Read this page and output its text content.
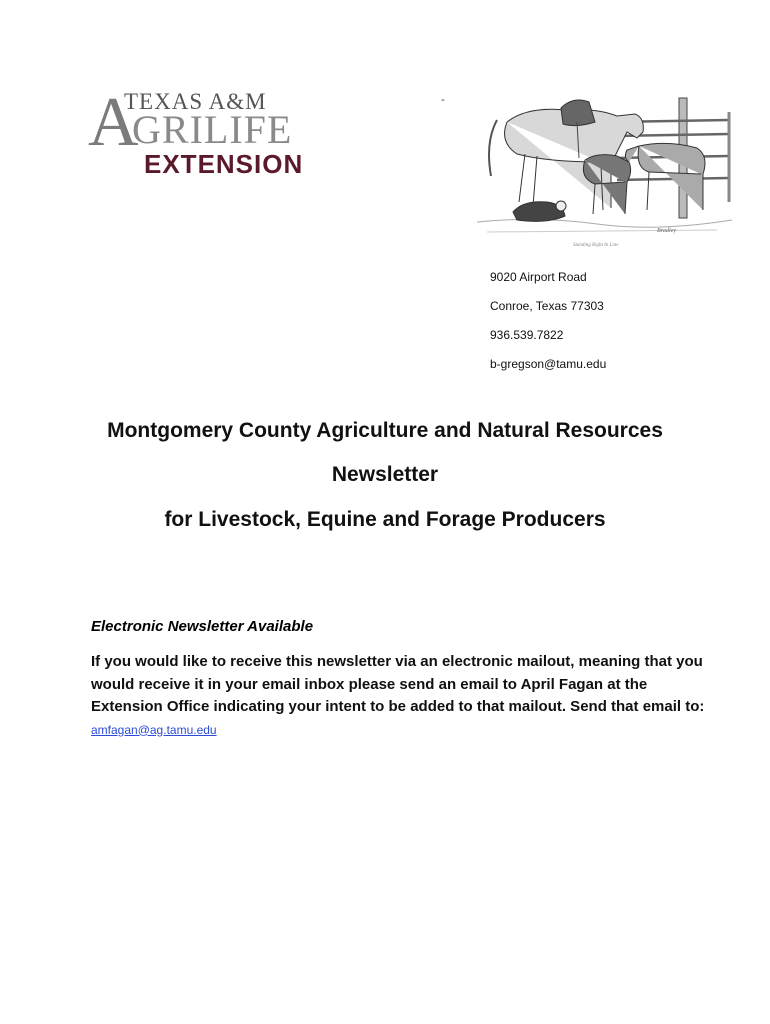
A
TEXAS A&M
GRILIFE
EXTENSION
-
Bradley
Standing Right In Line
9020 Airport Road
Conroe, Texas 77303
936.539.7822
b-gregson@tamu.edu
Montgomery County Agriculture and Natural Resources
Newsletter
for Livestock, Equine and Forage Producers
Electronic Newsletter Available
If you would like to receive this newsletter via an electronic mailout, meaning that you would receive it in your email inbox please send an email to April Fagan at the Extension Office indicating your intent to be added to that mailout. Send that email to: amfagan@ag.tamu.edu
